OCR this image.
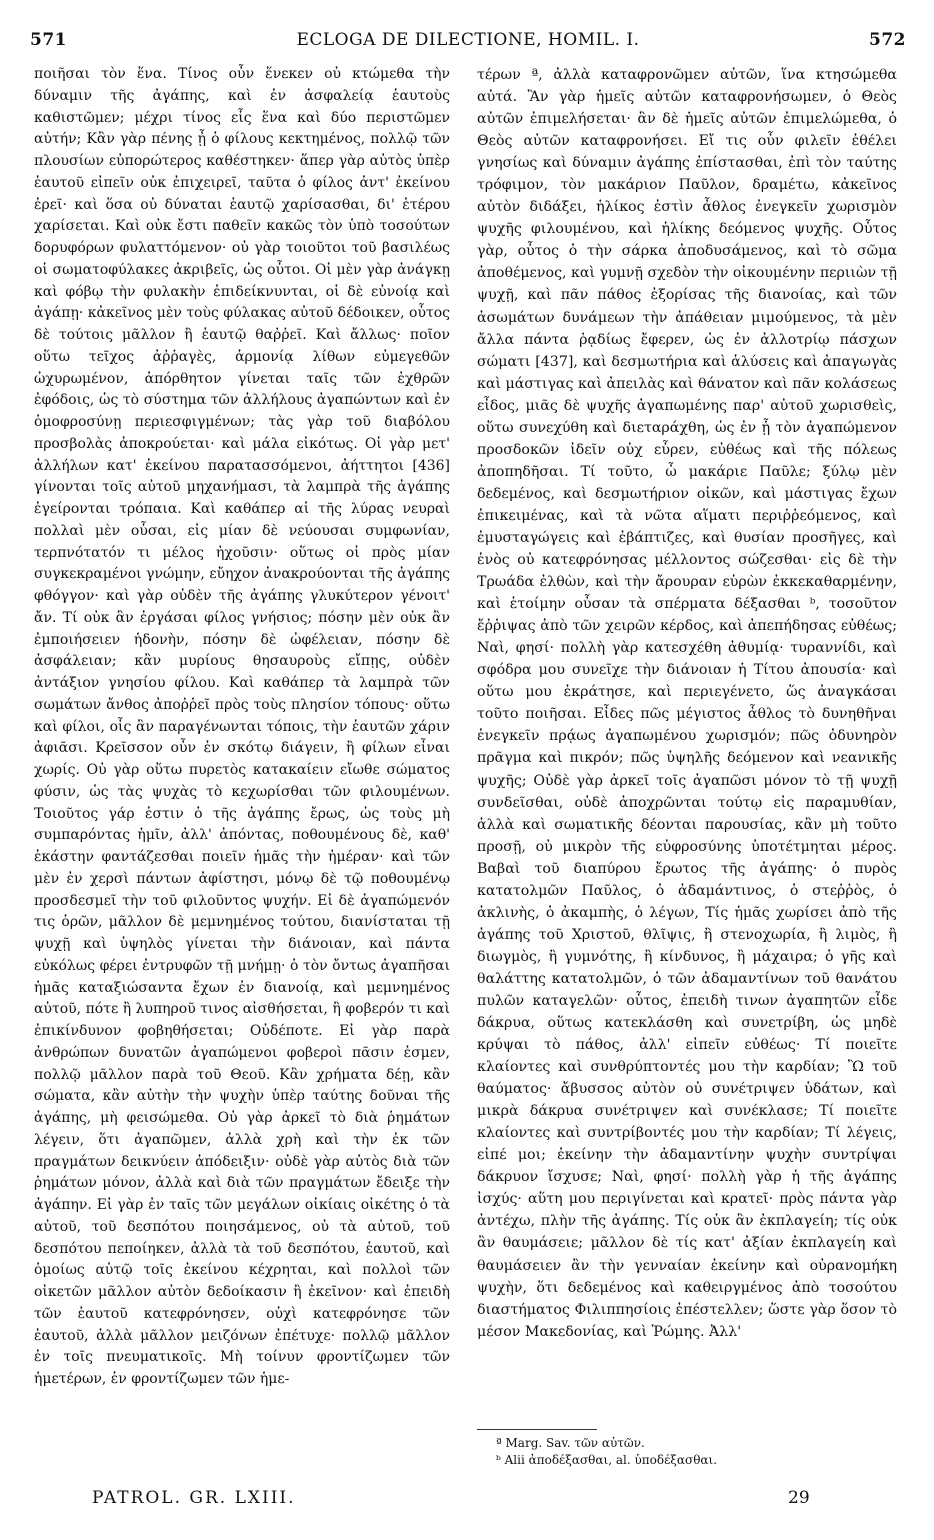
571	ECLOGA DE DILECTIONE, HOMIL. I.	572

ποιῆσαι τὸν ἕνα. Τίνος οὖν ἕνεκεν οὐ κτώμεθα τὴν δύναμιν τῆς ἀγάπης, καὶ ἐν ἀσφαλείᾳ ἑαυτοὺς καθιστῶμεν; μέχρι τίνος εἷς ἕνα καὶ δύο περιστῶμεν αὐτήν; Κἂν γὰρ πένης ᾖ ὁ φίλους κεκτημένος, πολλῷ τῶν πλουσίων εὐπορώτερος καθέστηκεν· ἅπερ γὰρ αὐτὸς ὑπὲρ ἑαυτοῦ εἰπεῖν οὐκ ἐπιχειρεῖ, ταῦτα ὁ φίλος ἀντ' ἐκείνου ἐρεῖ· καὶ ὅσα οὐ δύναται ἑαυτῷ χαρίσασθαι, δι' ἑτέρου χαρίσεται. Καὶ οὐκ ἔστι παθεῖν κακῶς τὸν ὑπὸ τοσούτων δορυφόρων φυλαττόμενον· οὐ γὰρ τοιοῦτοι τοῦ βασιλέως οἱ σωματοφύλακες ἀκριβεῖς, ὡς οὗτοι. Οἱ μὲν γὰρ ἀνάγκῃ καὶ φόβῳ τὴν φυλακὴν ἐπιδείκνυνται, οἱ δὲ εὐνοίᾳ καὶ ἀγάπῃ· κἀκεῖνος μὲν τοὺς φύλακας αὐτοῦ δέδοικεν, οὗτος δὲ τούτοις μᾶλλον ἢ ἑαυτῷ θαῤῥεῖ. Καὶ ἄλλως· ποῖον οὕτω τεῖχος ἀῤῥαγὲς, ἁρμονίᾳ λίθων εὐμεγεθῶν ὠχυρωμένον, ἀπόρθητον γίνεται ταῖς τῶν ἐχθρῶν ἐφόδοις, ὡς τὸ σύστημα τῶν ἀλλήλους ἀγαπώντων καὶ ἐν ὁμοφροσύνῃ περιεσφιγμένων; τὰς γὰρ τοῦ διαβόλου προσβολὰς ἀποκρούεται· καὶ μάλα εἰκότως. Οἱ γὰρ μετ' ἀλλήλων κατ' ἐκείνου παρατασσόμενοι, ἀήττητοι [436] γίνονται τοῖς αὐτοῦ μηχανήμασι, τὰ λαμπρὰ τῆς ἀγάπης ἐγείρονται τρόπαια. Καὶ καθάπερ αἱ τῆς λύρας νευραὶ πολλαὶ μὲν οὖσαι, εἰς μίαν δὲ νεύουσαι συμφωνίαν, τερπνότατόν τι μέλος ἠχοῦσιν· οὕτως οἱ πρὸς μίαν συγκεκραμένοι γνώμην, εὔηχον ἀνακρούονται τῆς ἀγάπης φθόγγον· καὶ γὰρ οὐδὲν τῆς ἀγάπης γλυκύτερον γένοιτ' ἄν. Τί οὐκ ἂν ἐργάσαι φίλος γνήσιος; πόσην μὲν οὐκ ἂν ἐμποιήσειεν ἡδονὴν, πόσην δὲ ὠφέλειαν, πόσην δὲ ἀσφάλειαν; κἂν μυρίους θησαυροὺς εἴπῃς, οὐδὲν ἀντάξιον γνησίου φίλου. Καὶ καθάπερ τὰ λαμπρὰ τῶν σωμάτων ἄνθος ἀποῤῥεῖ πρὸς τοὺς πλησίον τόπους· οὕτω καὶ φίλοι, οἷς ἂν παραγένωνται τόποις, τὴν ἑαυτῶν χάριν ἀφιᾶσι. Κρεῖσσον οὖν ἐν σκότῳ διάγειν, ἢ φίλων εἶναι χωρίς. Οὐ γὰρ οὕτω πυρετὸς κατακαίειν εἴωθε σώματος φύσιν, ὡς τὰς ψυχὰς τὸ κεχωρίσθαι τῶν φιλουμένων. Τοιοῦτος γάρ ἐστιν ὁ τῆς ἀγάπης ἔρως, ὡς τοὺς μὴ συμπαρόντας ἡμῖν, ἀλλ' ἀπόντας, ποθουμένους δὲ, καθ' ἑκάστην φαντάζεσθαι ποιεῖν ἡμᾶς τὴν ἡμέραν· καὶ τῶν μὲν ἐν χερσὶ πάντων ἀφίστησι, μόνῳ δὲ τῷ ποθουμένῳ προσδεσμεῖ τὴν τοῦ φιλοῦντος ψυχήν. Εἰ δὲ ἀγαπώμενόν τις ὁρῶν, μᾶλλον δὲ μεμνημένος τούτου, διανίσταται τῇ ψυχῇ καὶ ὑψηλὸς γίνεται τὴν διάνοιαν, καὶ πάντα εὐκόλως φέρει ἐντρυφῶν τῇ μνήμῃ· ὁ τὸν ὄντως ἀγαπῆσαι ἡμᾶς καταξιώσαντα ἔχων ἐν διανοίᾳ, καὶ μεμνημένος αὐτοῦ, πότε ἢ λυπηροῦ τινος αἰσθήσεται, ἢ φοβερόν τι καὶ ἐπικίνδυνον φοβηθήσεται; Οὐδέποτε. Εἰ γὰρ παρὰ ἀνθρώπων δυνατῶν ἀγαπώμενοι φοβεροὶ πᾶσιν ἐσμεν, πολλῷ μᾶλλον παρὰ τοῦ Θεοῦ. Κἂν χρήματα δέῃ, κἂν σώματα, κἂν αὐτὴν τὴν ψυχὴν ὑπὲρ ταύτης δοῦναι τῆς ἀγάπης, μὴ φεισώμεθα. Οὐ γὰρ ἀρκεῖ τὸ διὰ ῥημάτων λέγειν, ὅτι ἀγαπῶμεν, ἀλλὰ χρὴ καὶ τὴν ἐκ τῶν πραγμάτων δεικνύειν ἀπόδειξιν· οὐδὲ γὰρ αὐτὸς διὰ τῶν ῥημάτων μόνον, ἀλλὰ καὶ διὰ τῶν πραγμάτων ἔδειξε τὴν ἀγάπην. Εἰ γὰρ ἐν ταῖς τῶν μεγάλων οἰκίαις οἰκέτης ὁ τὰ αὐτοῦ, τοῦ δεσπότου ποιησάμενος, οὐ τὰ αὐτοῦ, τοῦ δεσπότου πεποίηκεν, ἀλλὰ τὰ τοῦ δεσπότου, ἑαυτοῦ, καὶ ὁμοίως αὐτῷ τοῖς ἐκείνου κέχρηται, καὶ πολλοὶ τῶν οἰκετῶν μᾶλλον αὐτὸν δεδοίκασιν ἢ ἐκεῖνον· καὶ ἐπειδὴ τῶν ἑαυτοῦ κατεφρόνησεν, οὐχὶ κατεφρόνησε τῶν ἑαυτοῦ, ἀλλὰ μᾶλλον μειζόνων ἐπέτυχε· πολλῷ μᾶλλον ἐν τοῖς πνευματικοῖς. Μὴ τοίνυν φροντίζωμεν τῶν ἡμετέρων, ἐν φροντίζωμεν τῶν ἡμε-

τέρων ª, ἀλλὰ καταφρονῶμεν αὐτῶν, ἵνα κτησώμεθα αὐτά. Ἂν γὰρ ἡμεῖς αὐτῶν καταφρονήσωμεν, ὁ Θεὸς αὐτῶν ἐπιμελήσεται· ἂν δὲ ἡμεῖς αὐτῶν ἐπιμελώμεθα, ὁ Θεὸς αὐτῶν καταφρονήσει. Εἴ τις οὖν φιλεῖν ἐθέλει γνησίως καὶ δύναμιν ἀγάπης ἐπίστασθαι, ἐπὶ τὸν ταύτης τρόφιμον, τὸν μακάριον Παῦλον, δραμέτω, κἀκεῖνος αὐτὸν διδάξει, ἡλίκος ἐστὶν ἆθλος ἐνεγκεῖν χωρισμὸν ψυχῆς φιλουμένου, καὶ ἡλίκης δεόμενος ψυχῆς. Οὗτος γὰρ, οὗτος ὁ τὴν σάρκα ἀποδυσάμενος, καὶ τὸ σῶμα ἀποθέμενος, καὶ γυμνῇ σχεδὸν τὴν οἰκουμένην περιιὼν τῇ ψυχῇ, καὶ πᾶν πάθος ἐξορίσας τῆς διανοίας, καὶ τῶν ἀσωμάτων δυνάμεων τὴν ἀπάθειαν μιμούμενος, τὰ μὲν ἄλλα πάντα ῥᾳδίως ἔφερεν, ὡς ἐν ἀλλοτρίῳ πάσχων σώματι [437], καὶ δεσμωτήρια καὶ ἁλύσεις καὶ ἀπαγωγὰς καὶ μάστιγας καὶ ἀπειλὰς καὶ θάνατον καὶ πᾶν κολάσεως εἶδος, μιᾶς δὲ ψυχῆς ἀγαπωμένης παρ' αὐτοῦ χωρισθεὶς, οὕτω συνεχύθη καὶ διεταράχθη, ὡς ἐν ᾗ τὸν ἀγαπώμενον προσδοκῶν ἰδεῖν οὐχ εὗρεν, εὐθέως καὶ τῆς πόλεως ἀποπηδῆσαι. Τί τοῦτο, ὦ μακάριε Παῦλε; ξύλῳ μὲν δεδεμένος, καὶ δεσμωτήριον οἰκῶν, καὶ μάστιγας ἔχων ἐπικειμένας, καὶ τὰ νῶτα αἵματι περιῤῥεόμενος, καὶ ἐμυσταγώγεις καὶ ἐβάπτιζες, καὶ θυσίαν προσῆγες, καὶ ἑνὸς οὐ κατεφρόνησας μέλλοντος σώζεσθαι· εἰς δὲ τὴν Τρωάδα ἐλθὼν, καὶ τὴν ἄρουραν εὑρὼν ἐκκεκαθαρμένην, καὶ ἑτοίμην οὖσαν τὰ σπέρματα δέξασθαι ᵇ, τοσοῦτον ἔῤῥιψας ἀπὸ τῶν χειρῶν κέρδος, καὶ ἀπεπήδησας εὐθέως; Ναὶ, φησί· πολλὴ γὰρ κατεσχέθη ἀθυμίᾳ· τυραννίδι, καὶ σφόδρα μου συνεῖχε τὴν διάνοιαν ἡ Τίτου ἀπουσία· καὶ οὕτω μου ἐκράτησε, καὶ περιεγένετο, ὥς ἀναγκάσαι τοῦτο ποιῆσαι. Εἶδες πῶς μέγιστος ἆθλος τὸ δυνηθῆναι ἐνεγκεῖν πρᾴως ἀγαπωμένου χωρισμόν; πῶς ὀδυνηρὸν πρᾶγμα καὶ πικρόν; πῶς ὑψηλῆς δεόμενον καὶ νεανικῆς ψυχῆς; Οὐδὲ γὰρ ἀρκεῖ τοῖς ἀγαπῶσι μόνον τὸ τῇ ψυχῇ συνδεῖσθαι, οὐδὲ ἀποχρῶνται τούτῳ εἰς παραμυθίαν, ἀλλὰ καὶ σωματικῆς δέονται παρουσίας, κἂν μὴ τοῦτο προσῇ, οὐ μικρὸν τῆς εὐφροσύνης ὑποτέτμηται μέρος. Βαβαὶ τοῦ διαπύρου ἔρωτος τῆς ἀγάπης· ὁ πυρὸς κατατολμῶν Παῦλος, ὁ ἀδαμάντινος, ὁ στεῤῥὸς, ὁ ἀκλινὴς, ὁ ἀκαμπὴς, ὁ λέγων, Τίς ἡμᾶς χωρίσει ἀπὸ τῆς ἀγάπης τοῦ Χριστοῦ, θλῖψις, ἢ στενοχωρία, ἢ λιμὸς, ἢ διωγμὸς, ἢ γυμνότης, ἢ κίνδυνος, ἢ μάχαιρα; ὁ γῆς καὶ θαλάττης κατατολμῶν, ὁ τῶν ἀδαμαντίνων τοῦ θανάτου πυλῶν καταγελῶν· οὗτος, ἐπειδὴ τινων ἀγαπητῶν εἶδε δάκρυα, οὕτως κατεκλάσθη καὶ συνετρίβη, ὡς μηδὲ κρύψαι τὸ πάθος, ἀλλ' εἰπεῖν εὐθέως· Τί ποιεῖτε κλαίοντες καὶ συνθρύπτοντές μου τὴν καρδίαν; Ὢ τοῦ θαύματος· ἄβυσσος αὐτὸν οὐ συνέτριψεν ὑδάτων, καὶ μικρὰ δάκρυα συνέτριψεν καὶ συνέκλασε; Τί ποιεῖτε κλαίοντες καὶ συντρίβοντές μου τὴν καρδίαν; Τί λέγεις, εἰπέ μοι; ἐκείνην τὴν ἀδαμαντίνην ψυχὴν συντρίψαι δάκρυον ἴσχυσε; Ναὶ, φησί· πολλὴ γὰρ ἡ τῆς ἀγάπης ἰσχύς· αὕτη μου περιγίνεται καὶ κρατεῖ· πρὸς πάντα γὰρ ἀντέχω, πλὴν τῆς ἀγάπης. Τίς οὐκ ἂν ἐκπλαγείη; τίς οὐκ ἂν θαυμάσειε; μᾶλλον δὲ τίς κατ' ἀξίαν ἐκπλαγείη καὶ θαυμάσειεν ἂν τὴν γενναίαν ἐκείνην καὶ οὐρανομήκη ψυχὴν, ὅτι δεδεμένος καὶ καθειργμένος ἀπὸ τοσούτου διαστήματος Φιλιππησίοις ἐπέστελλεν; ὥστε γὰρ ὅσον τὸ μέσον Μακεδονίας, καὶ Ῥώμης. Ἀλλ'

ª Marg. Sav. τῶν αὐτῶν.
ᵇ Alii ἀποδέξασθαι, al. ὑποδέξασθαι.
PATROL. GR. LXIII.	29
